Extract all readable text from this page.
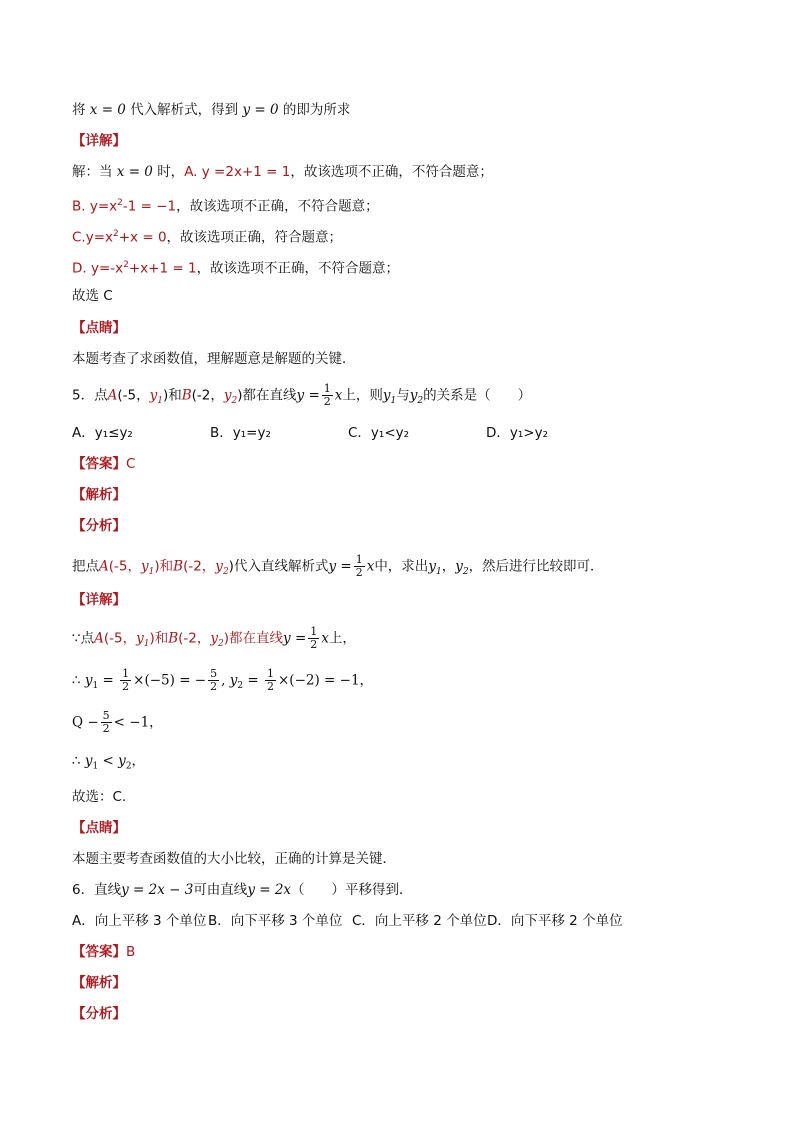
将 x = 0 代入解析式，得到 y = 0 的即为所求
【详解】
解：当 x = 0 时，A. y =2x+1 = 1，故该选项不正确，不符合题意；
B. $y=x^2-1 = -1$，故该选项不正确，不符合题意；
$C.y=x^2+x = 0$，故该选项正确，符合题意；
D. $y=-x^2+x+1 = 1$，故该选项不正确，不符合题意；
故选 C
【点睛】
本题考查了求函数值，理解题意是解题的关键．
5．点A(-5，$y_1$)和B(-2，$y_2$)都在直线$y = \frac{1}{2}$ x上，则$y_1$与$y_2$的关系是（　　）
A．y₁≤y₂	B．y₁=y₂	C．y₁<y₂	D．y₁>y₂
【答案】C
【解析】
【分析】
把点A(-5，$y_1$)和B(-2，$y_2$)代入直线解析式$y = \frac{1}{2}$ x中，求出$y_1$，$y_2$，然后进行比较即可．
【详解】
∵点A(-5，$y_1$)和B(-2，$y_2$)都在直线$y = \frac{1}{2}$ x上，
∴ $y_1 = \frac{1}{2} \times(-5)$ = − $\frac{5}{2}$ , $y_2 = \frac{1}{2} \times(-2) = -1$，
$Q - \frac{5}{2} < -1$，
∴ $y_1 < y_2$，
故选：C.
【点睛】
本题主要考查函数值的大小比较，正确的计算是关键．
6．直线y = 2x − 3可由直线y = 2x（　　）平移得到．
A．向上平移 3 个单位 B．向下平移 3 个单位 C．向上平移 2 个单位 D．向下平移 2 个单位
【答案】B
【解析】
【分析】
